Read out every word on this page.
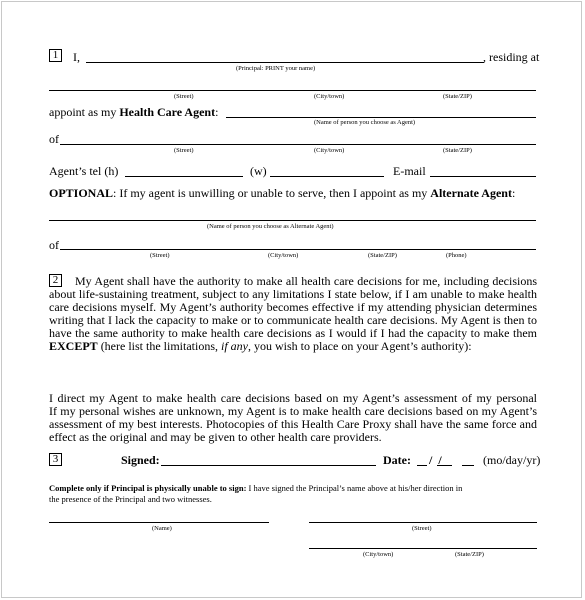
1	I,	, residing at
(Principal: PRINT your name)
(Street)	(City/town)	(State/ZIP)
appoint as my Health Care Agent:
(Name of person you choose as Agent)
of
(Street)	(City/town)	(State/ZIP)
Agent’s tel (h)	(w)	E-mail
OPTIONAL: If my agent is unwilling or unable to serve, then I appoint as my Alternate Agent:
(Name of person you choose as Alternate Agent)
of
(Street)	(City/town)	(State/ZIP)	(Phone)
2	My Agent shall have the authority to make all health care decisions for me, including decisions
about life-sustaining treatment, subject to any limitations I state below, if I am unable to make health
care decisions myself. My Agent’s authority becomes effective if my attending physician determines
writing that I lack the capacity to make or to communicate health care decisions. My Agent is then to
have the same authority to make health care decisions as I would if I had the capacity to make them
EXCEPT (here list the limitations, if any, you wish to place on your Agent’s authority):
I direct my Agent to make health care decisions based on my Agent’s assessment of my personal
If my personal wishes are unknown, my Agent is to make health care decisions based on my Agent’s
assessment of my best interests. Photocopies of this Health Care Proxy shall have the same force and
effect as the original and may be given to other health care providers.
3	Signed:	Date: / /	(mo/day/yr)
Complete only if Principal is physically unable to sign: I have signed the Principal’s name above at his/her direction in
the presence of the Principal and two witnesses.
(Name)	(Street)
(City/town)	(State/ZIP)
